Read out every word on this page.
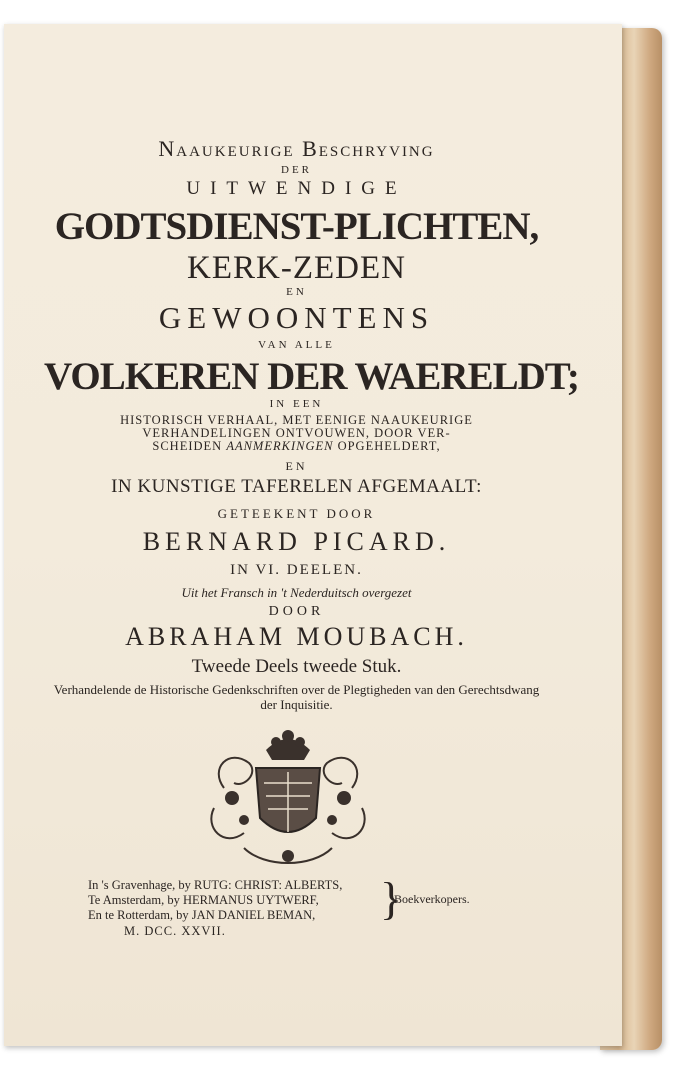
Naaukeurige Beschryving
DER
UITWENDIGE
GODTSDIENST-PLICHTEN,
KERK-ZEDEN
EN
GEWOONTENS
VAN ALLE
VOLKEREN DER WAERELDT;
IN EEN
HISTORISCH VERHAAL, MET EENIGE NAAUKEURIGE
VERHANDELINGEN ONTVOUWEN, DOOR VER-
SCHEIDEN AANMERKINGEN OPGEHELDERT,
EN
IN KUNSTIGE TAFERELEN AFGEMAALT:
GETEEKENT DOOR
BERNARD PICARD.
IN VI. DEELEN.
Uit het Fransch in 't Nederduitsch overgezet
DOOR
ABRAHAM MOUBACH.
Tweede Deels tweede Stuk.
Verhandelende de Historische Gedenkschriften over de Plegtigheden van den Gerechtsdwang der Inquisitie.
In 's Gravenhage, by RUTG: CHRIST: ALBERTS,
Te Amsterdam, by HERMANUS UYTWERF,
En te Rotterdam, by JAN DANIEL BEMAN,	}
Boekverkopers.
M. DCC. XXVII.
